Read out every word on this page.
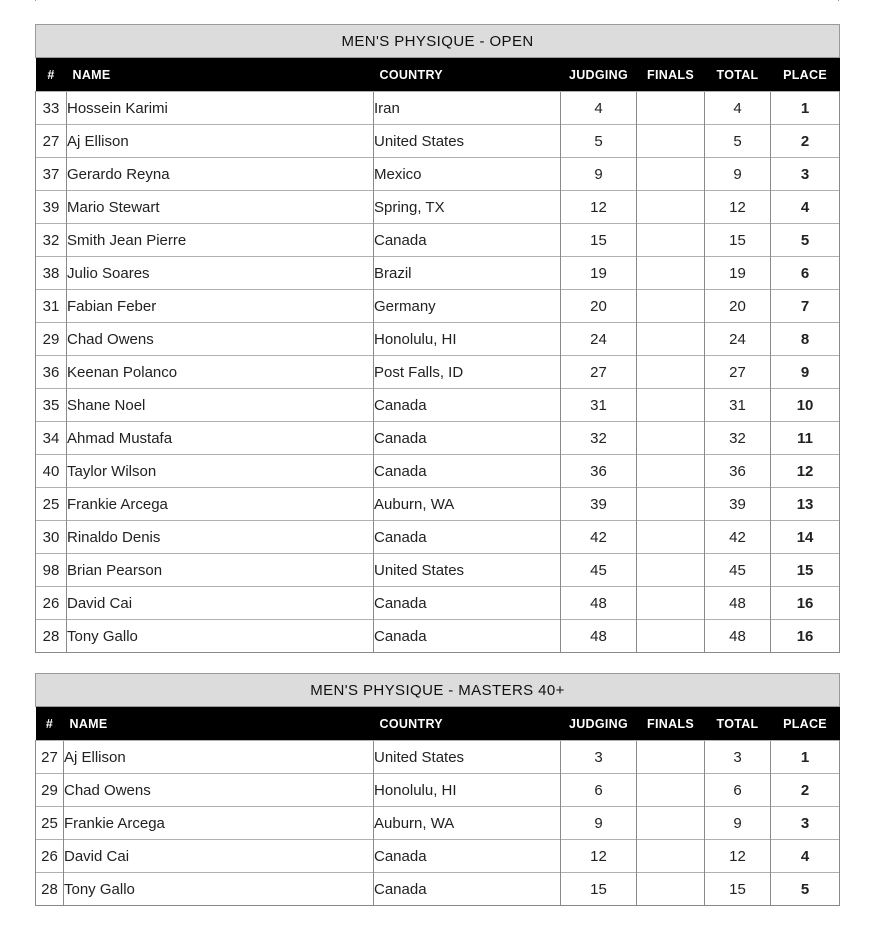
MEN'S PHYSIQUE - OPEN						
#	NAME	COUNTRY	JUDGING	FINALS	TOTAL	PLACE
33	Hossein Karimi	Iran	4		4	1
27	Aj Ellison	United States	5		5	2
37	Gerardo Reyna	Mexico	9		9	3
39	Mario Stewart	Spring, TX	12		12	4
32	Smith Jean Pierre	Canada	15		15	5
38	Julio Soares	Brazil	19		19	6
31	Fabian Feber	Germany	20		20	7
29	Chad Owens	Honolulu, HI	24		24	8
36	Keenan Polanco	Post Falls, ID	27		27	9
35	Shane Noel	Canada	31		31	10
34	Ahmad Mustafa	Canada	32		32	11
40	Taylor Wilson	Canada	36		36	12
25	Frankie Arcega	Auburn, WA	39		39	13
30	Rinaldo Denis	Canada	42		42	14
98	Brian Pearson	United States	45		45	15
26	David Cai	Canada	48		48	16
28	Tony Gallo	Canada	48		48	16
MEN'S PHYSIQUE - MASTERS 40+						
#	NAME	COUNTRY	JUDGING	FINALS	TOTAL	PLACE
27	Aj Ellison	United States	3		3	1
29	Chad Owens	Honolulu, HI	6		6	2
25	Frankie Arcega	Auburn, WA	9		9	3
26	David Cai	Canada	12		12	4
28	Tony Gallo	Canada	15		15	5
